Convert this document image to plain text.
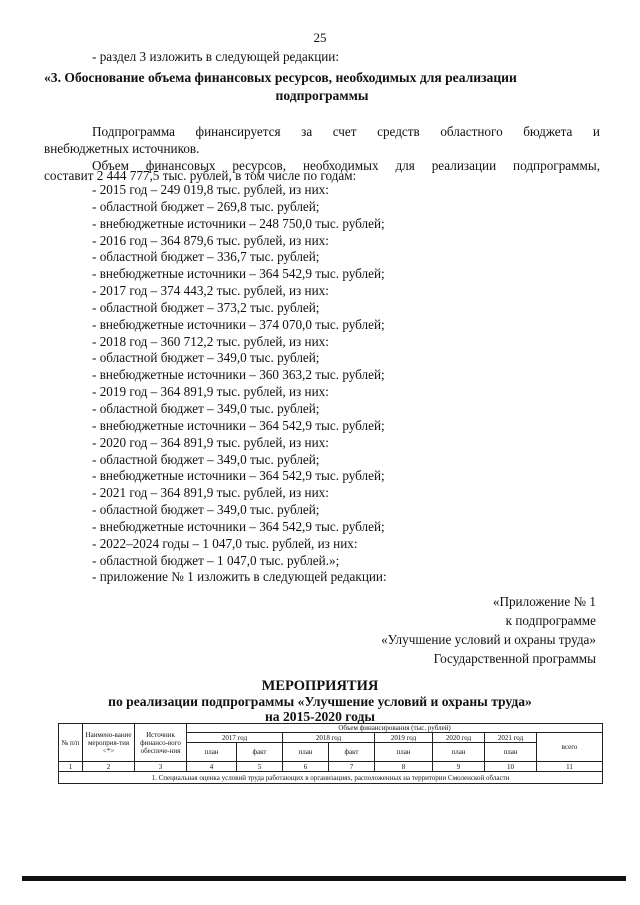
25
- раздел 3 изложить в следующей редакции:
«3. Обоснование объема финансовых ресурсов, необходимых для реализации
подпрограммы
Подпрограмма финансируется за счет средств областного бюджета и
внебюджетных источников.
Объем финансовых ресурсов, необходимых для реализации подпрограммы,
составит 2 444 777,5 тыс. рублей, в том числе по годам:
- 2015 год – 249 019,8 тыс. рублей, из них:
- областной бюджет – 269,8 тыс. рублей;
- внебюджетные источники – 248 750,0 тыс. рублей;
- 2016 год – 364 879,6 тыс. рублей, из них:
- областной бюджет – 336,7 тыс. рублей;
- внебюджетные источники – 364 542,9 тыс. рублей;
- 2017 год – 374 443,2 тыс. рублей, из них:
- областной бюджет – 373,2 тыс. рублей;
- внебюджетные источники – 374 070,0 тыс. рублей;
- 2018 год – 360 712,2 тыс. рублей, из них:
- областной бюджет – 349,0 тыс. рублей;
- внебюджетные источники – 360 363,2 тыс. рублей;
- 2019 год – 364 891,9 тыс. рублей, из них:
- областной бюджет – 349,0 тыс. рублей;
- внебюджетные источники – 364 542,9 тыс. рублей;
- 2020 год – 364 891,9 тыс. рублей, из них:
- областной бюджет – 349,0 тыс. рублей;
- внебюджетные источники – 364 542,9 тыс. рублей;
- 2021 год – 364 891,9 тыс. рублей, из них:
- областной бюджет – 349,0 тыс. рублей;
- внебюджетные источники – 364 542,9 тыс. рублей;
- 2022–2024 годы – 1 047,0 тыс. рублей, из них:
- областной бюджет – 1 047,0 тыс. рублей.»;
- приложение № 1 изложить в следующей редакции:
«Приложение № 1
к подпрограмме
«Улучшение условий и охраны труда»
Государственной программы
МЕРОПРИЯТИЯ
по реализации подпрограммы «Улучшение условий и охраны труда»
на 2015-2020 годы
№ п/п	Наимено-вание мероприя-тия <*>	Источник финансо-вого обеспече-ния	Объем финансирования (тыс. рублей)							
			2017 год		2018 год		2019 год	2020 год	2021 год	всего
			план	факт	план	факт	план	план	план	
1	2	3	4	5	6	7	8	9	10	11
1. Специальная оценка условий труда работающих в организациях, расположенных на территории Смоленской области										
